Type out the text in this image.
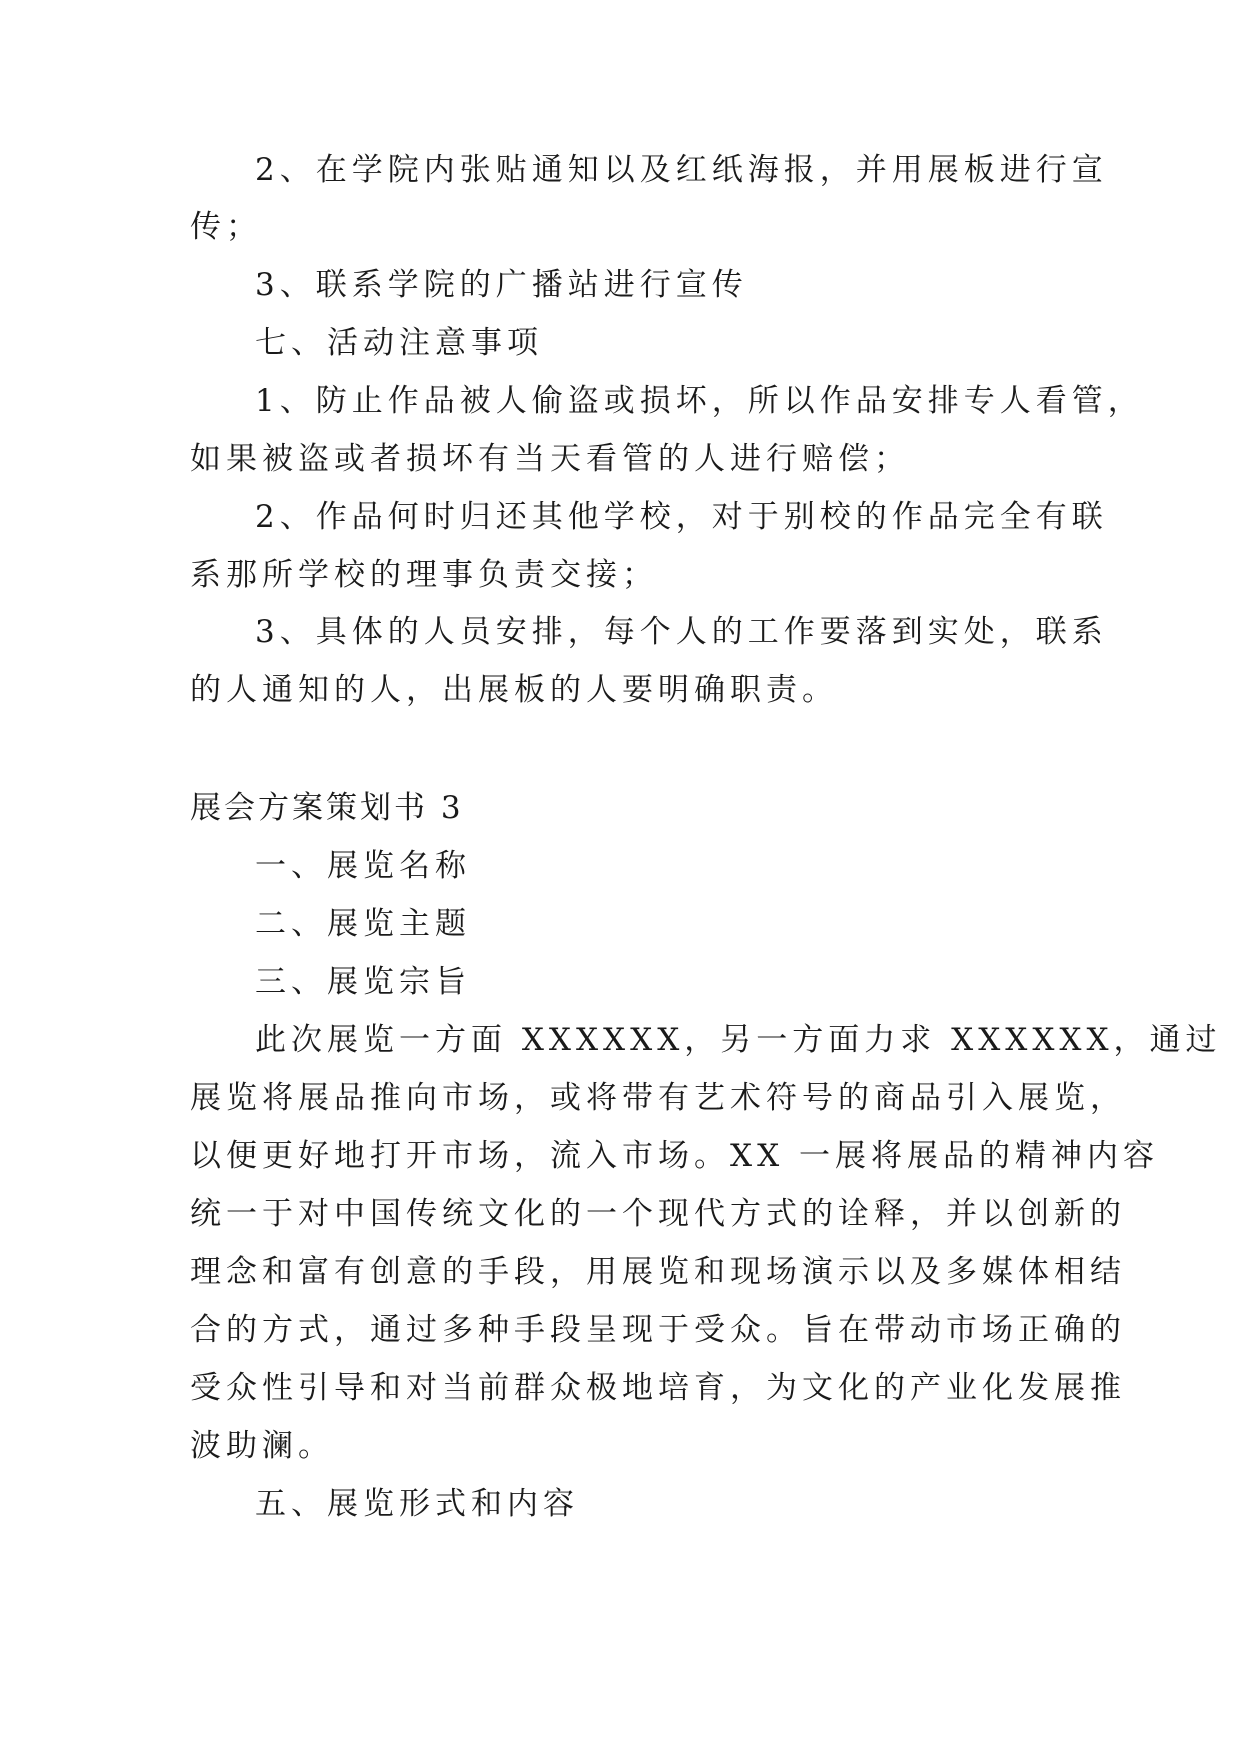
2、在学院内张贴通知以及红纸海报，并用展板进行宣
传；
3、联系学院的广播站进行宣传
七、活动注意事项
1、防止作品被人偷盗或损坏，所以作品安排专人看管，
如果被盗或者损坏有当天看管的人进行赔偿；
2、作品何时归还其他学校，对于别校的作品完全有联
系那所学校的理事负责交接；
3、具体的人员安排，每个人的工作要落到实处，联系
的人通知的人，出展板的人要明确职责。
展会方案策划书 3
一、展览名称
二、展览主题
三、展览宗旨
此次展览一方面 XXXXXX，另一方面力求 XXXXXX，通过
展览将展品推向市场，或将带有艺术符号的商品引入展览，
以便更好地打开市场，流入市场。XX 一展将展品的精神内容
统一于对中国传统文化的一个现代方式的诠释，并以创新的
理念和富有创意的手段，用展览和现场演示以及多媒体相结
合的方式，通过多种手段呈现于受众。旨在带动市场正确的
受众性引导和对当前群众极地培育，为文化的产业化发展推
波助澜。
五、展览形式和内容
